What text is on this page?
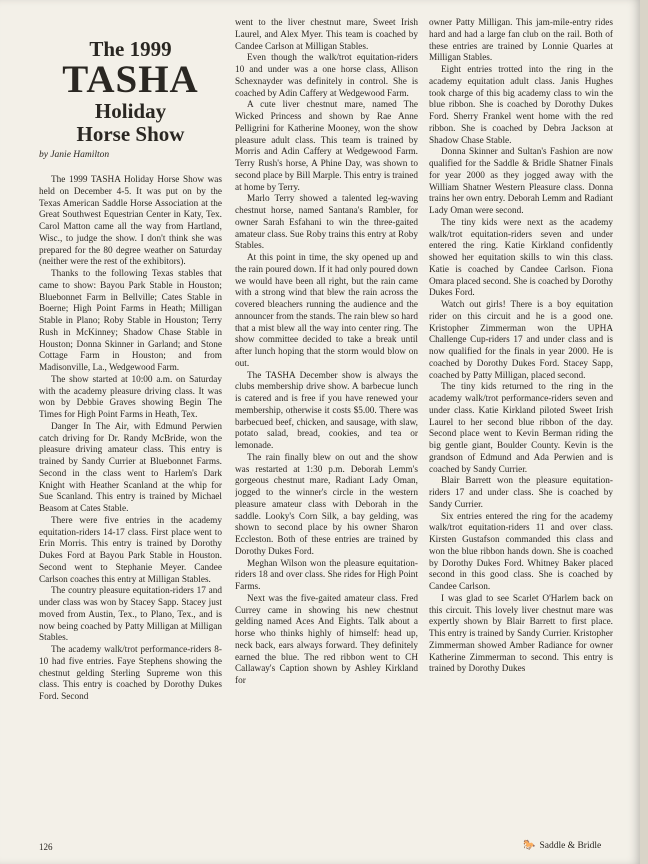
The 1999
TASHA
Holiday
Horse Show
by Janie Hamilton

The 1999 TASHA Holiday Horse Show was held on December 4-5. It was put on by the Texas American Saddle Horse Association at the Great Southwest Equestrian Center in Katy, Tex. Carol Matton came all the way from Hartland, Wisc., to judge the show. I don't think she was prepared for the 80 degree weather on Saturday (neither were the rest of the exhibitors).

Thanks to the following Texas stables that came to show: Bayou Park Stable in Houston; Bluebonnet Farm in Bellville; Cates Stable in Boerne; High Point Farms in Heath; Milligan Stable in Plano; Roby Stable in Houston; Terry Rush in McKinney; Shadow Chase Stable in Houston; Donna Skinner in Garland; and Stone Cottage Farm in Houston; and from Madisonville, La., Wedgewood Farm.

The show started at 10:00 a.m. on Saturday with the academy pleasure driving class. It was won by Debbie Graves showing Begin The Times for High Point Farms in Heath, Tex.

Danger In The Air, with Edmund Perwien catch driving for Dr. Randy McBride, won the pleasure driving amateur class. This entry is trained by Sandy Currier at Bluebonnet Farms. Second in the class went to Harlem's Dark Knight with Heather Scanland at the whip for Sue Scanland. This entry is trained by Michael Beasom at Cates Stable.

There were five entries in the academy equitation-riders 14-17 class. First place went to Erin Morris. This entry is trained by Dorothy Dukes Ford at Bayou Park Stable in Houston. Second went to Stephanie Meyer. Candee Carlson coaches this entry at Milligan Stables.

The country pleasure equitation-riders 17 and under class was won by Stacey Sapp. Stacey just moved from Austin, Tex., to Plano, Tex., and is now being coached by Patty Milligan at Milligan Stables.

The academy walk/trot performance-riders 8-10 had five entries. Faye Stephens showing the chestnut gelding Sterling Supreme won this class. This entry is coached by Dorothy Dukes Ford. Second

went to the liver chestnut mare, Sweet Irish Laurel, and Alex Myer. This team is coached by Candee Carlson at Milligan Stables.

Even though the walk/trot equitation-riders 10 and under was a one horse class, Allison Schexnayder was definitely in control. She is coached by Adin Caffery at Wedgewood Farm.

A cute liver chestnut mare, named The Wicked Princess and shown by Rae Anne Pelligrini for Katherine Mooney, won the show pleasure adult class. This team is trained by Morris and Adin Caffery at Wedgewood Farm. Terry Rush's horse, A Phine Day, was shown to second place by Bill Marple. This entry is trained at home by Terry.

Marlo Terry showed a talented leg-waving chestnut horse, named Santana's Rambler, for owner Sarah Esfahani to win the three-gaited amateur class. Sue Roby trains this entry at Roby Stables.

At this point in time, the sky opened up and the rain poured down. If it had only poured down we would have been all right, but the rain came with a strong wind that blew the rain across the covered bleachers running the audience and the announcer from the stands. The rain blew so hard that a mist blew all the way into center ring. The show committee decided to take a break until after lunch hoping that the storm would blow on out.

The TASHA December show is always the clubs membership drive show. A barbecue lunch is catered and is free if you have renewed your membership, otherwise it costs $5.00. There was barbecued beef, chicken, and sausage, with slaw, potato salad, bread, cookies, and tea or lemonade.

The rain finally blew on out and the show was restarted at 1:30 p.m. Deborah Lemm's gorgeous chestnut mare, Radiant Lady Oman, jogged to the winner's circle in the western pleasure amateur class with Deborah in the saddle. Looky's Corn Silk, a bay gelding, was shown to second place by his owner Sharon Eccleston. Both of these entries are trained by Dorothy Dukes Ford.

Meghan Wilson won the pleasure equitation-riders 18 and over class. She rides for High Point Farms.

Next was the five-gaited amateur class. Fred Currey came in showing his new chestnut gelding named Aces And Eights. Talk about a horse who thinks highly of himself: head up, neck back, ears always forward. They definitely earned the blue. The red ribbon went to CH Callaway's Caption shown by Ashley Kirkland for

owner Patty Milligan. This jam-mile-entry rides hard and had a large fan club on the rail. Both of these entries are trained by Lonnie Quarles at Milligan Stables.

Eight entries trotted into the ring in the academy equitation adult class. Janis Hughes took charge of this big academy class to win the blue ribbon. She is coached by Dorothy Dukes Ford. Sherry Frankel went home with the red ribbon. She is coached by Debra Jackson at Shadow Chase Stable.

Donna Skinner and Sultan's Fashion are now qualified for the Saddle & Bridle Shatner Finals for year 2000 as they jogged away with the William Shatner Western Pleasure class. Donna trains her own entry. Deborah Lemm and Radiant Lady Oman were second.

The tiny kids were next as the academy walk/trot equitation-riders seven and under entered the ring. Katie Kirkland confidently showed her equitation skills to win this class. Katie is coached by Candee Carlson. Fiona Omara placed second. She is coached by Dorothy Dukes Ford.

Watch out girls! There is a boy equitation rider on this circuit and he is a good one. Kristopher Zimmerman won the UPHA Challenge Cup-riders 17 and under class and is now qualified for the finals in year 2000. He is coached by Dorothy Dukes Ford. Stacey Sapp, coached by Patty Milligan, placed second.

The tiny kids returned to the ring in the academy walk/trot performance-riders seven and under class. Katie Kirkland piloted Sweet Irish Laurel to her second blue ribbon of the day. Second place went to Kevin Berman riding the big gentle giant, Boulder County. Kevin is the grandson of Edmund and Ada Perwien and is coached by Sandy Currier.

Blair Barrett won the pleasure equitation-riders 17 and under class. She is coached by Sandy Currier.

Six entries entered the ring for the academy walk/trot equitation-riders 11 and over class. Kirsten Gustafson commanded this class and won the blue ribbon hands down. She is coached by Dorothy Dukes Ford. Whitney Baker placed second in this good class. She is coached by Candee Carlson.

I was glad to see Scarlet O'Harlem back on this circuit. This lovely liver chestnut mare was expertly shown by Blair Barrett to first place. This entry is trained by Sandy Currier. Kristopher Zimmerman showed Amber Radiance for owner Katherine Zimmerman to second. This entry is trained by Dorothy Dukes

126	🐎 Saddle & Bridle
